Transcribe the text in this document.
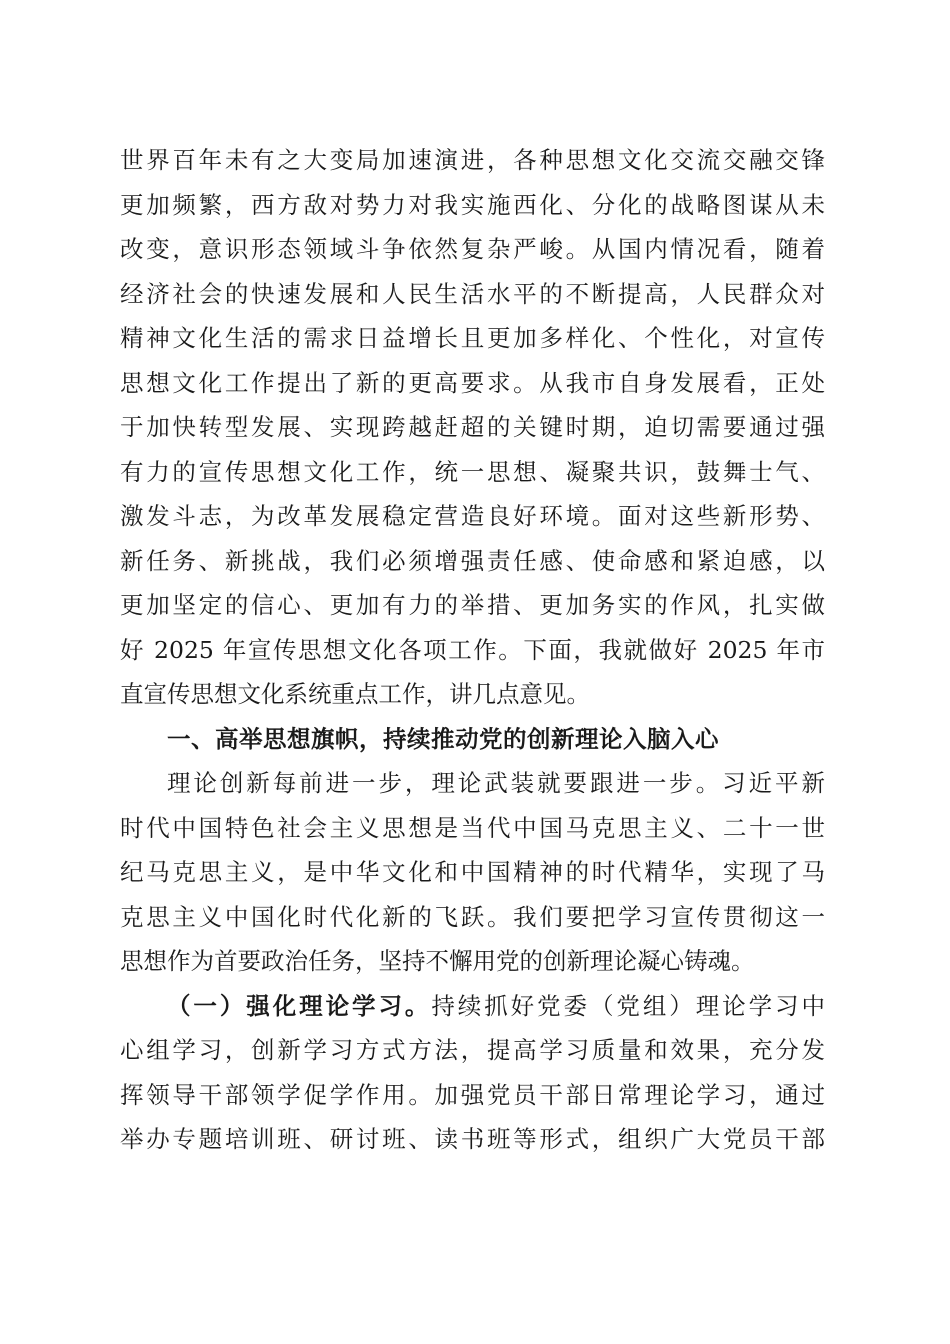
世界百年未有之大变局加速演进，各种思想文化交流交融交锋
更加频繁，西方敌对势力对我实施西化、分化的战略图谋从未
改变，意识形态领域斗争依然复杂严峻。从国内情况看，随着
经济社会的快速发展和人民生活水平的不断提高，人民群众对
精神文化生活的需求日益增长且更加多样化、个性化，对宣传
思想文化工作提出了新的更高要求。从我市自身发展看，正处
于加快转型发展、实现跨越赶超的关键时期，迫切需要通过强
有力的宣传思想文化工作，统一思想、凝聚共识，鼓舞士气、
激发斗志，为改革发展稳定营造良好环境。面对这些新形势、
新任务、新挑战，我们必须增强责任感、使命感和紧迫感，以
更加坚定的信心、更加有力的举措、更加务实的作风，扎实做
好 2025 年宣传思想文化各项工作。下面，我就做好 2025 年市
直宣传思想文化系统重点工作，讲几点意见。
一、高举思想旗帜，持续推动党的创新理论入脑入心
理论创新每前进一步，理论武装就要跟进一步。习近平新
时代中国特色社会主义思想是当代中国马克思主义、二十一世
纪马克思主义，是中华文化和中国精神的时代精华，实现了马
克思主义中国化时代化新的飞跃。我们要把学习宣传贯彻这一
思想作为首要政治任务，坚持不懈用党的创新理论凝心铸魂。
（一）强化理论学习。持续抓好党委（党组）理论学习中
心组学习，创新学习方式方法，提高学习质量和效果，充分发
挥领导干部领学促学作用。加强党员干部日常理论学习，通过
举办专题培训班、研讨班、读书班等形式，组织广大党员干部
